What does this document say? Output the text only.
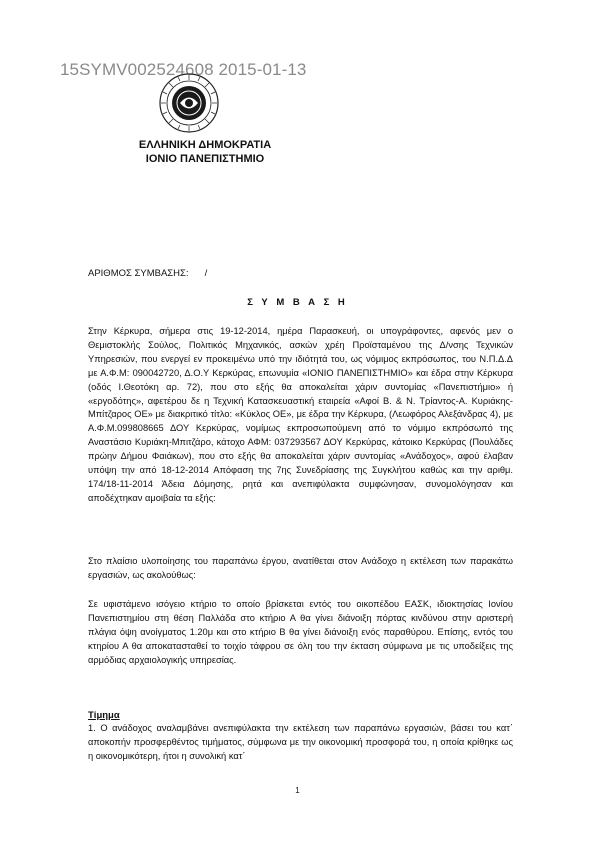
15SYMV002524608 2015-01-13
ΕΛΛΗΝΙΚΗ ΔΗΜΟΚΡΑΤΙΑ
ΙΟΝΙΟ ΠΑΝΕΠΙΣΤΗΜΙΟ
ΑΡΙΘΜΟΣ ΣΥΜΒΑΣΗΣ: /
Σ Υ Μ Β Α Σ Η
Στην Κέρκυρα, σήμερα στις 19-12-2014, ημέρα Παρασκευή, οι υπογράφοντες, αφενός μεν ο Θεμιστοκλής Σούλος, Πολιτικός Μηχανικός, ασκών χρέη Προϊσταμένου της Δ/νσης Τεχνικών Υπηρεσιών, που ενεργεί εν προκειμένω υπό την ιδιότητά του, ως νόμιμος εκπρόσωπος, του Ν.Π.Δ.Δ με Α.Φ.Μ: 090042720, Δ.Ο.Υ Κερκύρας, επωνυμία «ΙΟΝΙΟ ΠΑΝΕΠΙΣΤΗΜΙΟ» και έδρα στην Κέρκυρα (οδός Ι.Θεοτόκη αρ. 72), που στο εξής θα αποκαλείται χάριν συντομίας «Πανεπιστήμιο» ή «εργοδότης», αφετέρου δε η Τεχνική Κατασκευαστική εταιρεία «Αφοί Β. & Ν. Τρίαντος-Α. Κυριάκης- Μπίτζαρος ΟΕ» με διακριτικό τίτλο: «Κύκλος ΟΕ», με έδρα την Κέρκυρα, (Λεωφόρος Αλεξάνδρας 4), με Α.Φ.Μ.099808665 ΔΟΥ Κερκύρας, νομίμως εκπροσωπούμενη από το νόμιμο εκπρόσωπό της Αναστάσιο Κυριάκη-Μπιτζάρο, κάτοχο ΑΦΜ: 037293567 ΔΟΥ Κερκύρας, κάτοικο Κερκύρας (Πουλάδες πρώην Δήμου Φαιάκων), που στο εξής θα αποκαλείται χάριν συντομίας «Ανάδοχος», αφού έλαβαν υπόψη την από 18-12-2014 Απόφαση της 7ης Συνεδρίασης της Συγκλήτου καθώς και την αριθμ. 174/18-11-2014 Άδεια Δόμησης, ρητά και ανεπιφύλακτα συμφώνησαν, συνομολόγησαν και αποδέχτηκαν αμοιβαία τα εξής:
Στο πλαίσιο υλοποίησης του παραπάνω έργου, ανατίθεται στον Ανάδοχο η εκτέλεση των παρακάτω εργασιών, ως ακολούθως:
Σε υφιστάμενο ισόγειο κτήριο το οποίο βρίσκεται εντός του οικοπέδου ΕΑΣΚ, ιδιοκτησίας Ιονίου Πανεπιστημίου στη θέση Παλλάδα στο κτήριο Α θα γίνει διάνοιξη πόρτας κινδύνου στην αριστερή πλάγια όψη ανοίγματος 1.20μ και στο κτήριο Β θα γίνει διάνοιξη ενός παραθύρου. Επίσης, εντός του κτηρίου Α θα αποκατασταθεί το τοιχίο τάφρου σε όλη του την έκταση σύμφωνα με τις υποδείξεις της αρμόδιας αρχαιολογικής υπηρεσίας.
Τίμημα
1. Ο ανάδοχος αναλαμβάνει ανεπιφύλακτα την εκτέλεση των παραπάνω εργασιών, βάσει του κατ΄ αποκοπήν προσφερθέντος τιμήματος, σύμφωνα με την οικονομική προσφορά του, η οποία κρίθηκε ως η οικονομικότερη, ήτοι η συνολική κατ΄
1
